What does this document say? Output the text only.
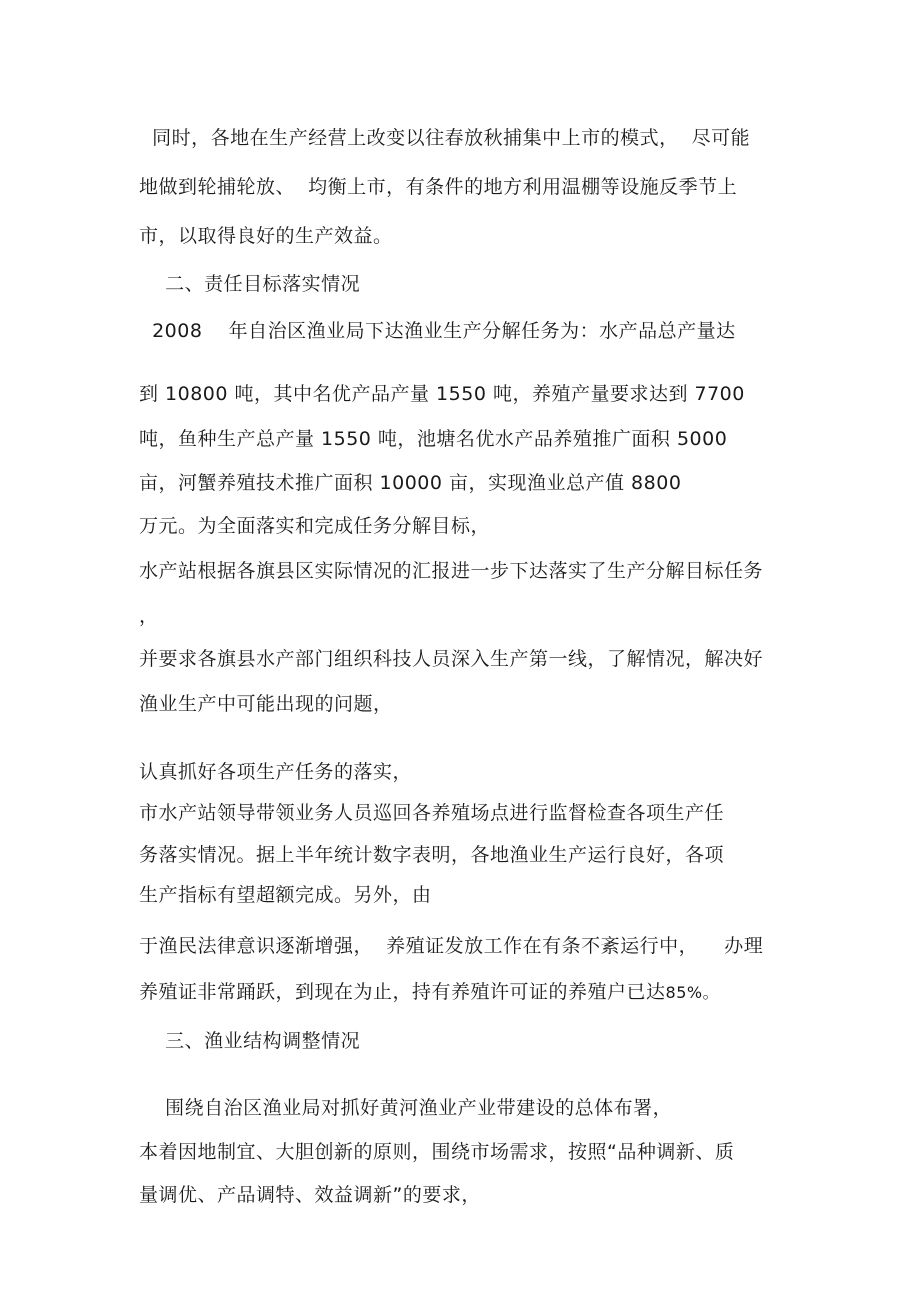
同时，各地在生产经营上改变以往春放秋捕集中上市的模式，  尽可能
地做到轮捕轮放、  均衡上市，有条件的地方利用温棚等设施反季节上
市，以取得良好的生产效益。
二、责任目标落实情况
2008    年自治区渔业局下达渔业生产分解任务为：水产品总产量达
到 10800 吨，其中名优产品产量 1550 吨，养殖产量要求达到 7700
吨，鱼种生产总产量 1550 吨，池塘名优水产品养殖推广面积 5000
亩，河蟹养殖技术推广面积 10000 亩，实现渔业总产值 8800
万元。为全面落实和完成任务分解目标，
水产站根据各旗县区实际情况的汇报进一步下达落实了生产分解目标任务
，
并要求各旗县水产部门组织科技人员深入生产第一线，了解情况，解决好
渔业生产中可能出现的问题，
认真抓好各项生产任务的落实，
市水产站领导带领业务人员巡回各养殖场点进行监督检查各项生产任
务落实情况。据上半年统计数字表明，各地渔业生产运行良好，各项
生产指标有望超额完成。另外，由
于渔民法律意识逐渐增强，  养殖证发放工作在有条不紊运行中，    办理
养殖证非常踊跃，到现在为止，持有养殖许可证的养殖户已达85%。
三、渔业结构调整情况
围绕自治区渔业局对抓好黄河渔业产业带建设的总体布署，
本着因地制宜、大胆创新的原则，围绕市场需求，按照“品种调新、质
量调优、产品调特、效益调新”的要求，
